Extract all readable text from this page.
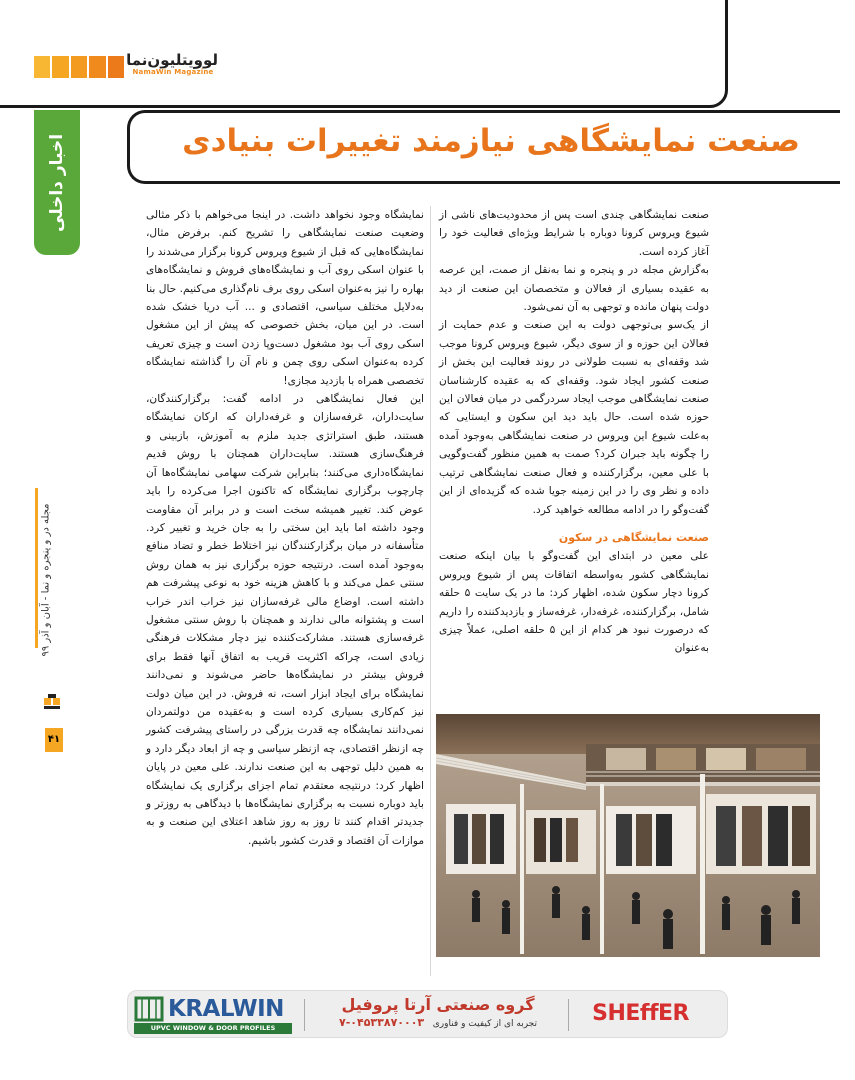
لوویتلیون‌نما
NamaWin Magazine
اخبار داخلی
مجله در و پنجره و نما - آبان و آذر ۹۹
۴۱
صنعت نمایشگاهی نیازمند تغییرات بنیادی

صنعت نمایشگاهی چندی است پس از محدودیت‌های ناشی از شیوع ویروس کرونا دوباره با شرایط ویژه‌ای فعالیت خود را آغاز کرده است.

به‌گزارش مجله در و پنجره و نما به‌نقل از صمت، این عرصه به عقیده بسیاری از فعالان و متخصصان این صنعت از دید دولت پنهان مانده و توجهی به آن نمی‌شود.

از یک‌سو بی‌توجهی دولت به این صنعت و عدم حمایت از فعالان این حوزه و از سوی دیگر، شیوع ویروس کرونا موجب شد وقفه‌ای به نسبت طولانی در روند فعالیت این بخش از صنعت کشور ایجاد شود. وقفه‌ای که به عقیده کارشناسان صنعت نمایشگاهی موجب ایجاد سردرگمی در میان فعالان این حوزه شده است. حال باید دید این سکون و ایستایی که به‌علت شیوع این ویروس در صنعت نمایشگاهی به‌وجود آمده را چگونه باید جبران کرد؟ صمت به همین منظور گفت‌وگویی با علی معین، برگزارکننده و فعال صنعت نمایشگاهی ترتیب داده و نظر وی را در این زمینه جویا شده که گزیده‌ای از این گفت‌وگو را در ادامه مطالعه خواهید کرد.

صنعت نمایشگاهی در سکون

علی معین در ابتدای این گفت‌وگو با بیان اینکه صنعت نمایشگاهی کشور به‌واسطه اتفاقات پس از شیوع ویروس کرونا دچار سکون شده، اظهار کرد: ما در یک سایت ۵ حلقه شامل، برگزارکننده، غرفه‌دار، غرفه‌ساز و بازدیدکننده را داریم که درصورت نبود هر کدام از این ۵ حلقه اصلی، عملاً چیزی به‌عنوان

نمایشگاه وجود نخواهد داشت. در اینجا می‌خواهم با ذکر مثالی وضعیت صنعت نمایشگاهی را تشریح کنم. برفرض مثال، نمایشگاه‌هایی که قبل از شیوع ویروس کرونا برگزار می‌شدند را با عنوان اسکی روی آب و نمایشگاه‌های فروش و نمایشگاه‌های بهاره را نیز به‌عنوان اسکی روی برف نام‌گذاری می‌کنیم. حال بنا به‌دلایل مختلف سیاسی، اقتصادی و ... آب دریا خشک شده است. در این میان، بخش خصوصی که پیش از این مشغول اسکی روی آب بود مشغول دست‌وپا زدن است و چیزی تعریف کرده به‌عنوان اسکی روی چمن و نام آن را گذاشته نمایشگاه تخصصی همراه با بازدید مجازی!

این فعال نمایشگاهی در ادامه گفت: برگزارکنندگان، سایت‌داران، غرفه‌سازان و غرفه‌داران که ارکان نمایشگاه هستند، طبق استراتژی جدید ملزم به آموزش، بازبینی و فرهنگ‌سازی هستند. سایت‌داران همچنان با روش قدیم نمایشگاه‌داری می‌کنند؛ بنابراین شرکت سهامی نمایشگاه‌ها آن چارچوب برگزاری نمایشگاه که تاکنون اجرا می‌کرده را باید عوض کند. تغییر همیشه سخت است و در برابر آن مقاومت وجود داشته اما باید این سختی را به جان خرید و تغییر کرد. متأسفانه در میان برگزارکنندگان نیز اختلاط خطر و تضاد منافع به‌وجود آمده است. درنتیجه حوزه برگزاری نیز به همان روش سنتی عمل می‌کند و با کاهش هزینه خود به نوعی پیشرفت هم داشته است. اوضاع مالی غرفه‌سازان نیز خراب اندر خراب است و پشتوانه مالی ندارند و همچنان با روش سنتی مشغول غرفه‌سازی هستند. مشارکت‌کننده نیز دچار مشکلات فرهنگی زیادی است، چراکه اکثریت قریب به اتفاق آنها فقط برای فروش بیشتر در نمایشگاه‌ها حاضر می‌شوند و نمی‌دانند نمایشگاه برای ایجاد ابزار است، نه فروش. در این میان دولت نیز کم‌کاری بسیاری کرده است و به‌عقیده من دولتمردان نمی‌دانند نمایشگاه چه قدرت بزرگی در راستای پیشرفت کشور چه ازنظر اقتصادی، چه ازنظر سیاسی و چه از ابعاد دیگر دارد و به همین دلیل توجهی به این صنعت ندارند. علی معین در پایان اظهار کرد: درنتیجه معتقدم تمام اجزای برگزاری یک نمایشگاه باید دوباره نسبت به برگزاری نمایشگاه‌ها با دیدگاهی به روزتر و جدیدتر اقدام کنند تا روز به روز شاهد اعتلای این صنعت و به موازات آن اقتصاد و قدرت کشور باشیم.

KRALWIN
UPVC WINDOW & DOOR PROFILES
گروه صنعتی آرتا پروفیل
تجربه ای از کیفیت و فناوری   ۰۴۵۳۳۸۷۰۰۰۳-۷	SHEffER
